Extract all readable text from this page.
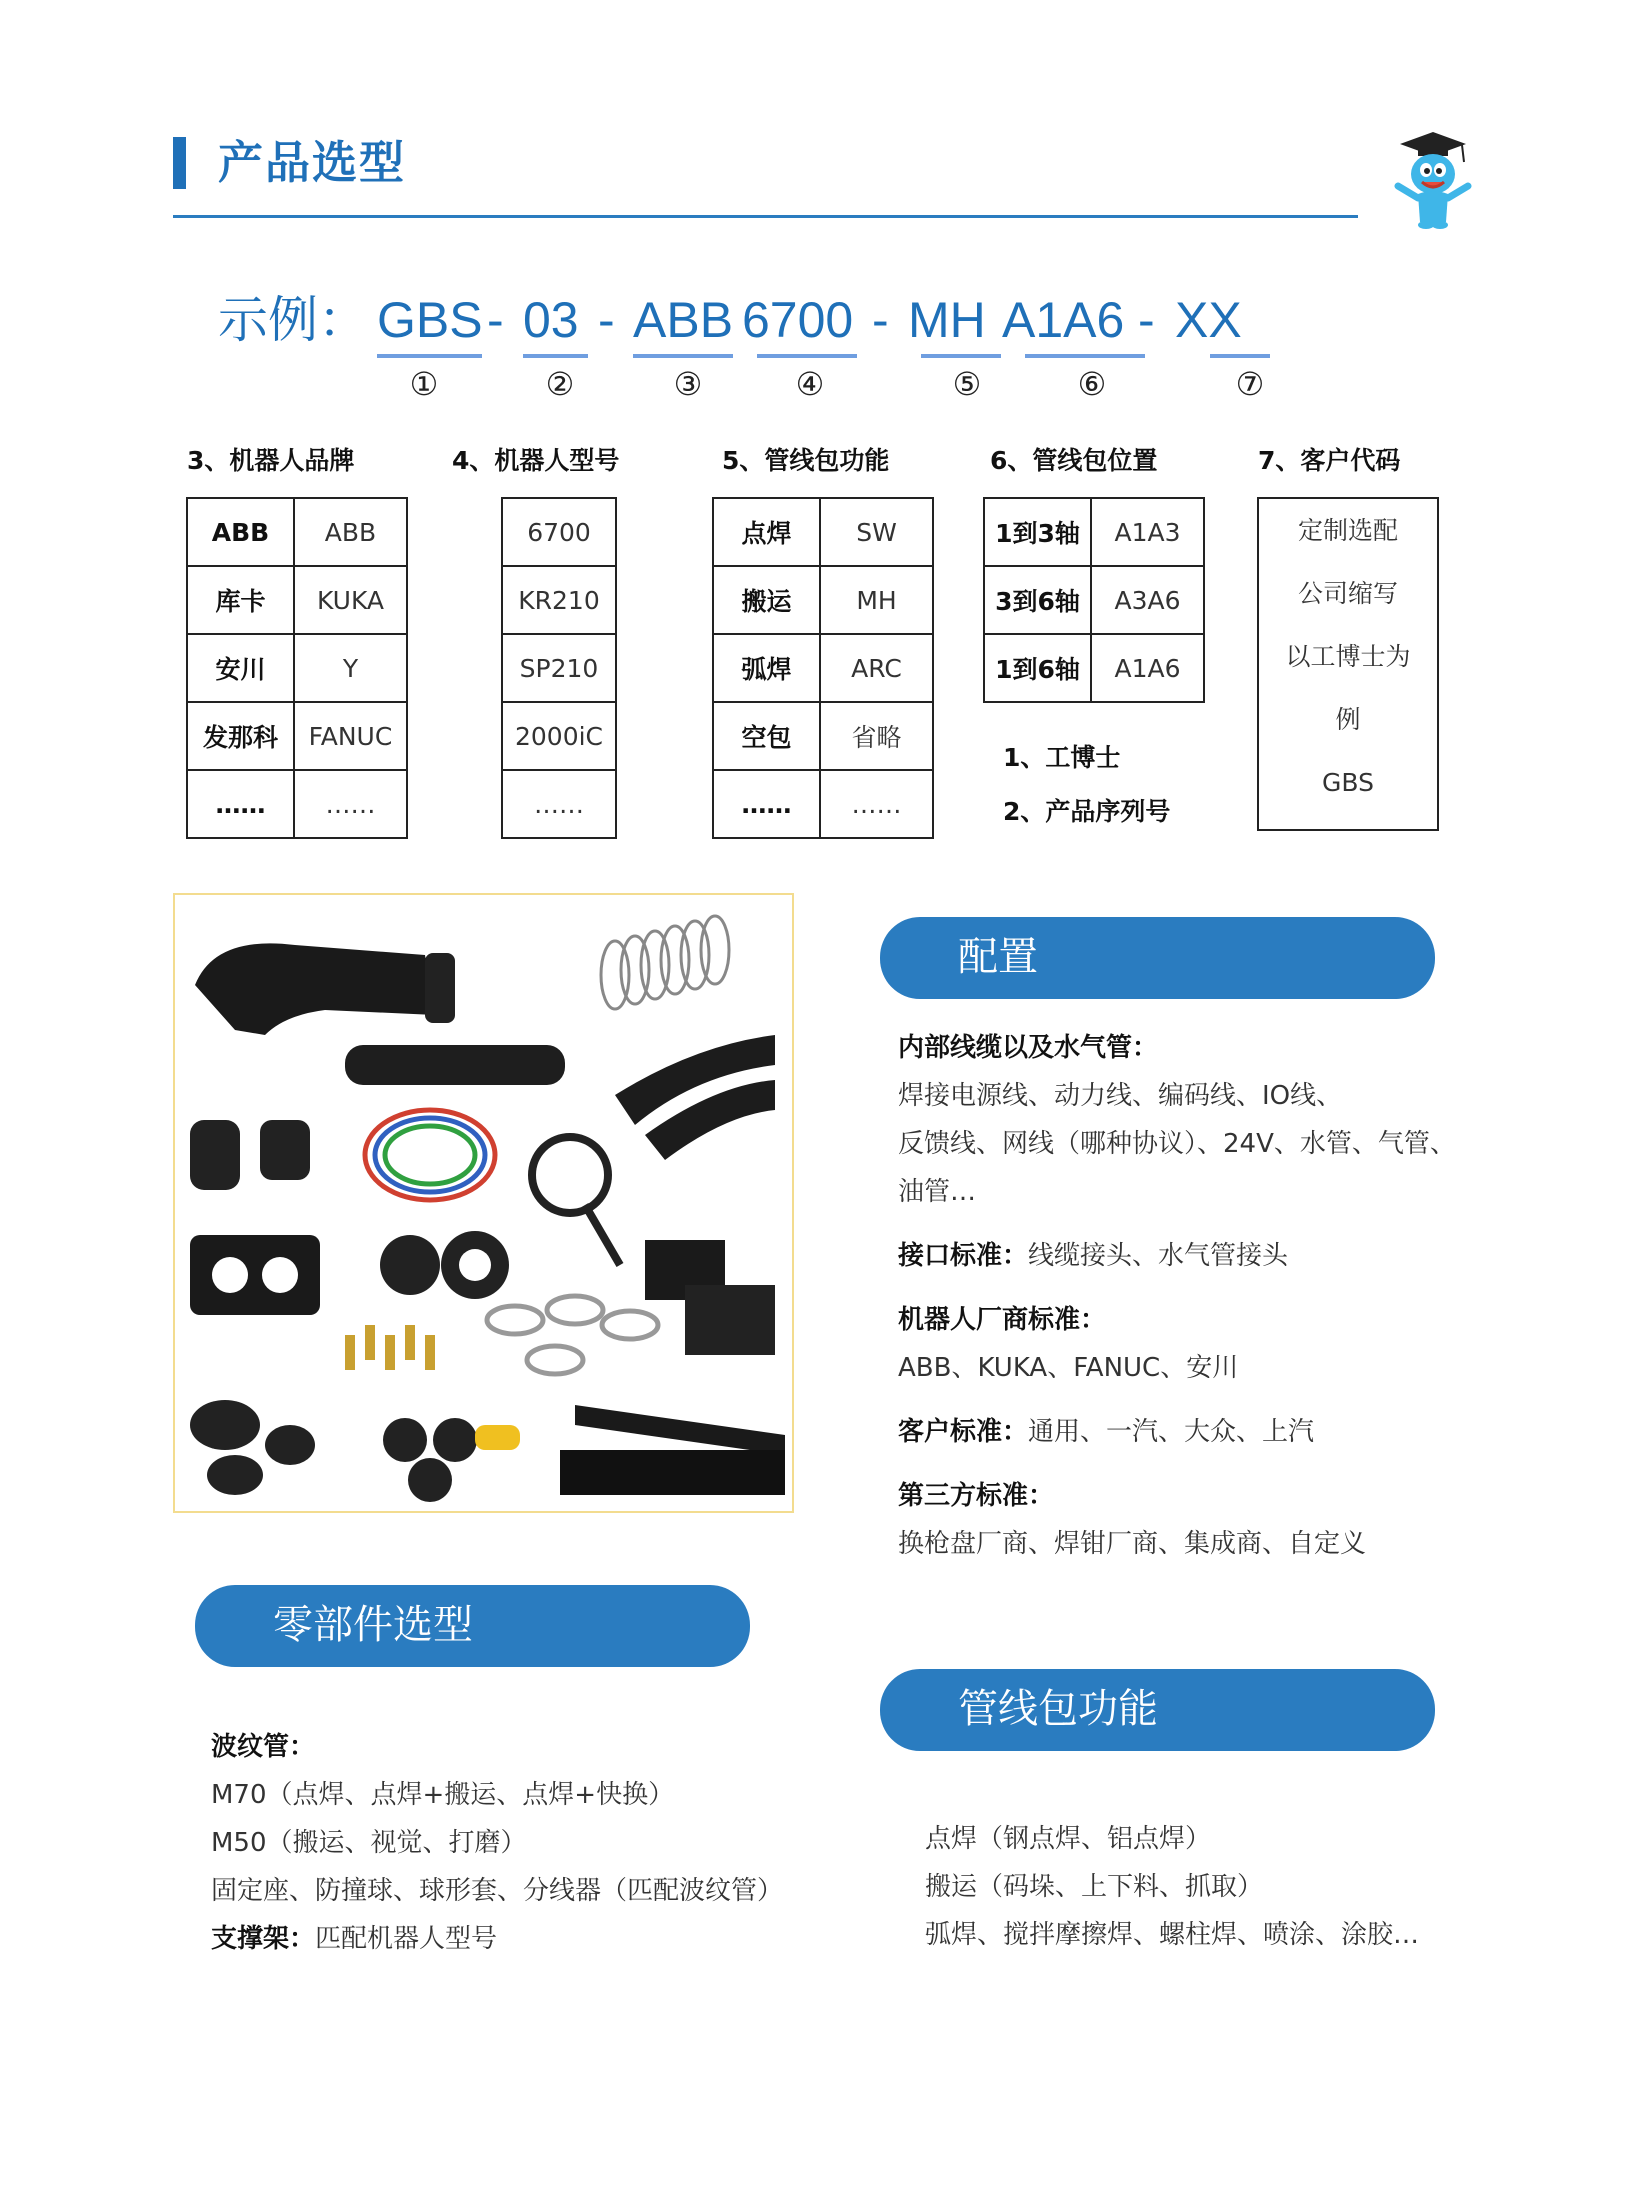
产品选型
示例： GBS - 03 - ABB 6700 - MH A1A6 - XX
①	②	③	④	⑤	⑥	⑦
3、机器人品牌
ABB	ABB
库卡	KUKA
安川	Y
发那科	FANUC
……	……
4、机器人型号
6700
KR210
SP210
2000iC
……
5、管线包功能
点焊	SW
搬运	MH
弧焊	ARC
空包	省略
……	……
6、管线包位置
1到3轴	A1A3
3到6轴	A3A6
1到6轴	A1A6
1、工博士
2、产品序列号
7、客户代码
定制选配
公司缩写
以工博士为
例
GBS
配置
内部线缆以及水气管：
焊接电源线、动力线、编码线、IO线、
反馈线、网线（哪种协议）、24V、水管、气管、
油管…
接口标准：线缆接头、水气管接头
机器人厂商标准：
ABB、KUKA、FANUC、安川
客户标准：通用、一汽、大众、上汽
第三方标准：
换枪盘厂商、焊钳厂商、集成商、自定义
零部件选型
波纹管：
M70（点焊、点焊+搬运、点焊+快换）
M50（搬运、视觉、打磨）
固定座、防撞球、球形套、分线器（匹配波纹管）
支撑架：匹配机器人型号
管线包功能
点焊（钢点焊、铝点焊）
搬运（码垛、上下料、抓取）
弧焊、搅拌摩擦焊、螺柱焊、喷涂、涂胶…
